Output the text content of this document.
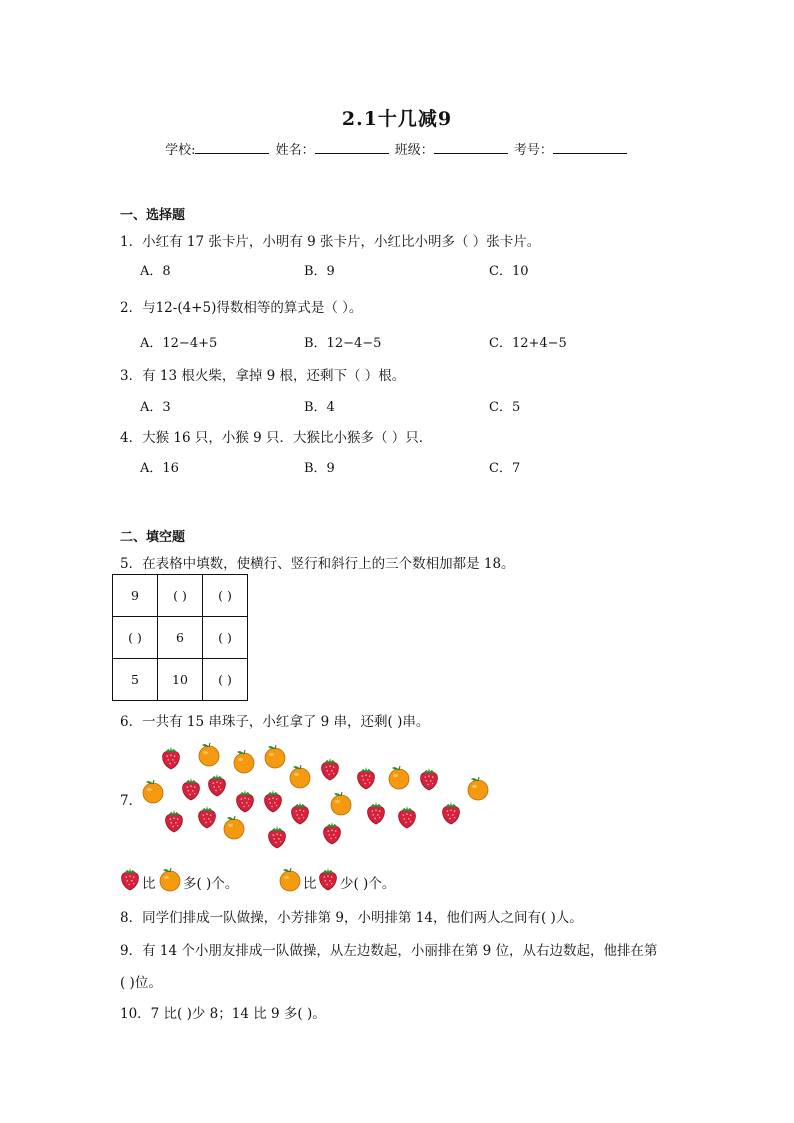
2.1十几减9
学校:	姓名：	班级：	考号：
一、选择题
1．小红有 17 张卡片，小明有 9 张卡片，小红比小明多（ ）张卡片。
A．8	B．9	C．10
2．与12-(4+5)得数相等的算式是（ ）。
A．12−4+5	B．12−4−5	C．12+4−5
3．有 13 根火柴，拿掉 9 根，还剩下（ ）根。
A．3	B．4	C．5
4．大猴 16 只，小猴 9 只．大猴比小猴多（ ）只．
A．16	B．9	C．7
二、填空题
5．在表格中填数，使横行、竖行和斜行上的三个数相加都是 18。
9	( )	( )
( )	6	( )
5	10	( )
6．一共有 15 串珠子，小红拿了 9 串，还剩( )串。
7．
比 多( )个。	比 少( )个。
8．同学们排成一队做操，小芳排第 9，小明排第 14，他们两人之间有( )人。
9．有 14 个小朋友排成一队做操，从左边数起，小丽排在第 9 位，从右边数起，他排在第
( )位。
10．7 比( )少 8；14 比 9 多( )。
